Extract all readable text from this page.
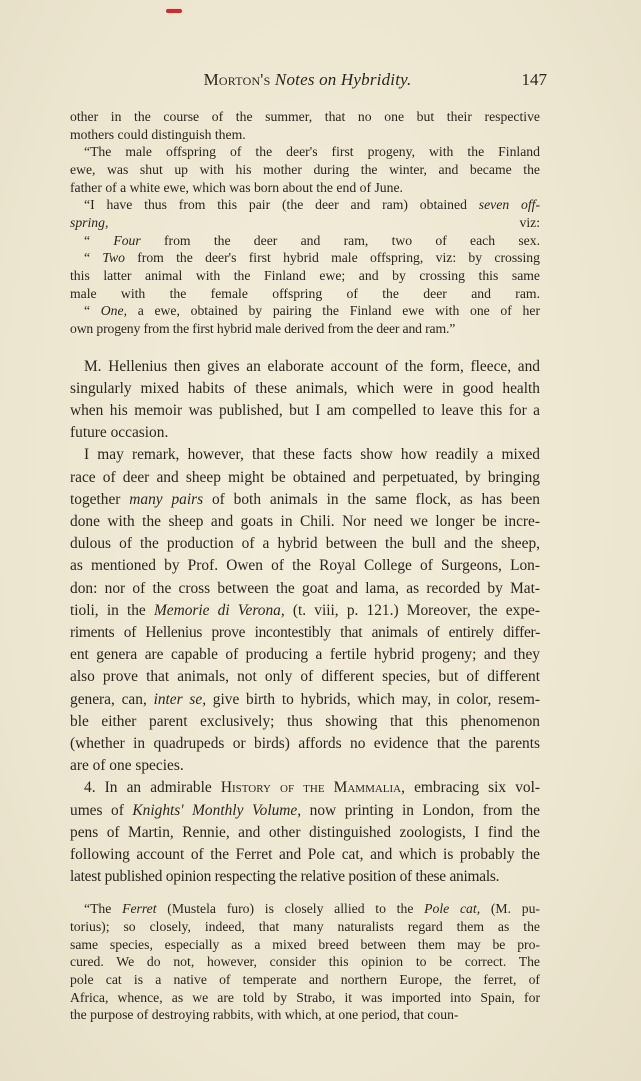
Morton's Notes on Hybridity.	147
other in the course of the summer, that no one but their respective
mothers could distinguish them.
“The male offspring of the deer's first progeny, with the Finland
ewe, was shut up with his mother during the winter, and became the
father of a white ewe, which was born about the end of June.
“I have thus from this pair (the deer and ram) obtained seven off-
spring, viz:
“ Four from the deer and ram, two of each sex.
“ Two from the deer's first hybrid male offspring, viz: by crossing
this latter animal with the Finland ewe; and by crossing this same
male with the female offspring of the deer and ram.
“ One, a ewe, obtained by pairing the Finland ewe with one of her
own progeny from the first hybrid male derived from the deer and ram.”
M. Hellenius then gives an elaborate account of the form, fleece, and
singularly mixed habits of these animals, which were in good health
when his memoir was published, but I am compelled to leave this for a
future occasion.
I may remark, however, that these facts show how readily a mixed
race of deer and sheep might be obtained and perpetuated, by bringing
together many pairs of both animals in the same flock, as has been
done with the sheep and goats in Chili. Nor need we longer be incre-
dulous of the production of a hybrid between the bull and the sheep,
as mentioned by Prof. Owen of the Royal College of Surgeons, Lon-
don: nor of the cross between the goat and lama, as recorded by Mat-
tioli, in the Memorie di Verona, (t. viii, p. 121.) Moreover, the expe-
riments of Hellenius prove incontestibly that animals of entirely differ-
ent genera are capable of producing a fertile hybrid progeny; and they
also prove that animals, not only of different species, but of different
genera, can, inter se, give birth to hybrids, which may, in color, resem-
ble either parent exclusively; thus showing that this phenomenon
(whether in quadrupeds or birds) affords no evidence that the parents
are of one species.
4. In an admirable History of the Mammalia, embracing six vol-
umes of Knights' Monthly Volume, now printing in London, from the
pens of Martin, Rennie, and other distinguished zoologists, I find the
following account of the Ferret and Pole cat, and which is probably the
latest published opinion respecting the relative position of these animals.
“The Ferret (Mustela furo) is closely allied to the Pole cat, (M. pu-
torius); so closely, indeed, that many naturalists regard them as the
same species, especially as a mixed breed between them may be pro-
cured. We do not, however, consider this opinion to be correct. The
pole cat is a native of temperate and northern Europe, the ferret, of
Africa, whence, as we are told by Strabo, it was imported into Spain, for
the purpose of destroying rabbits, with which, at one period, that coun-
